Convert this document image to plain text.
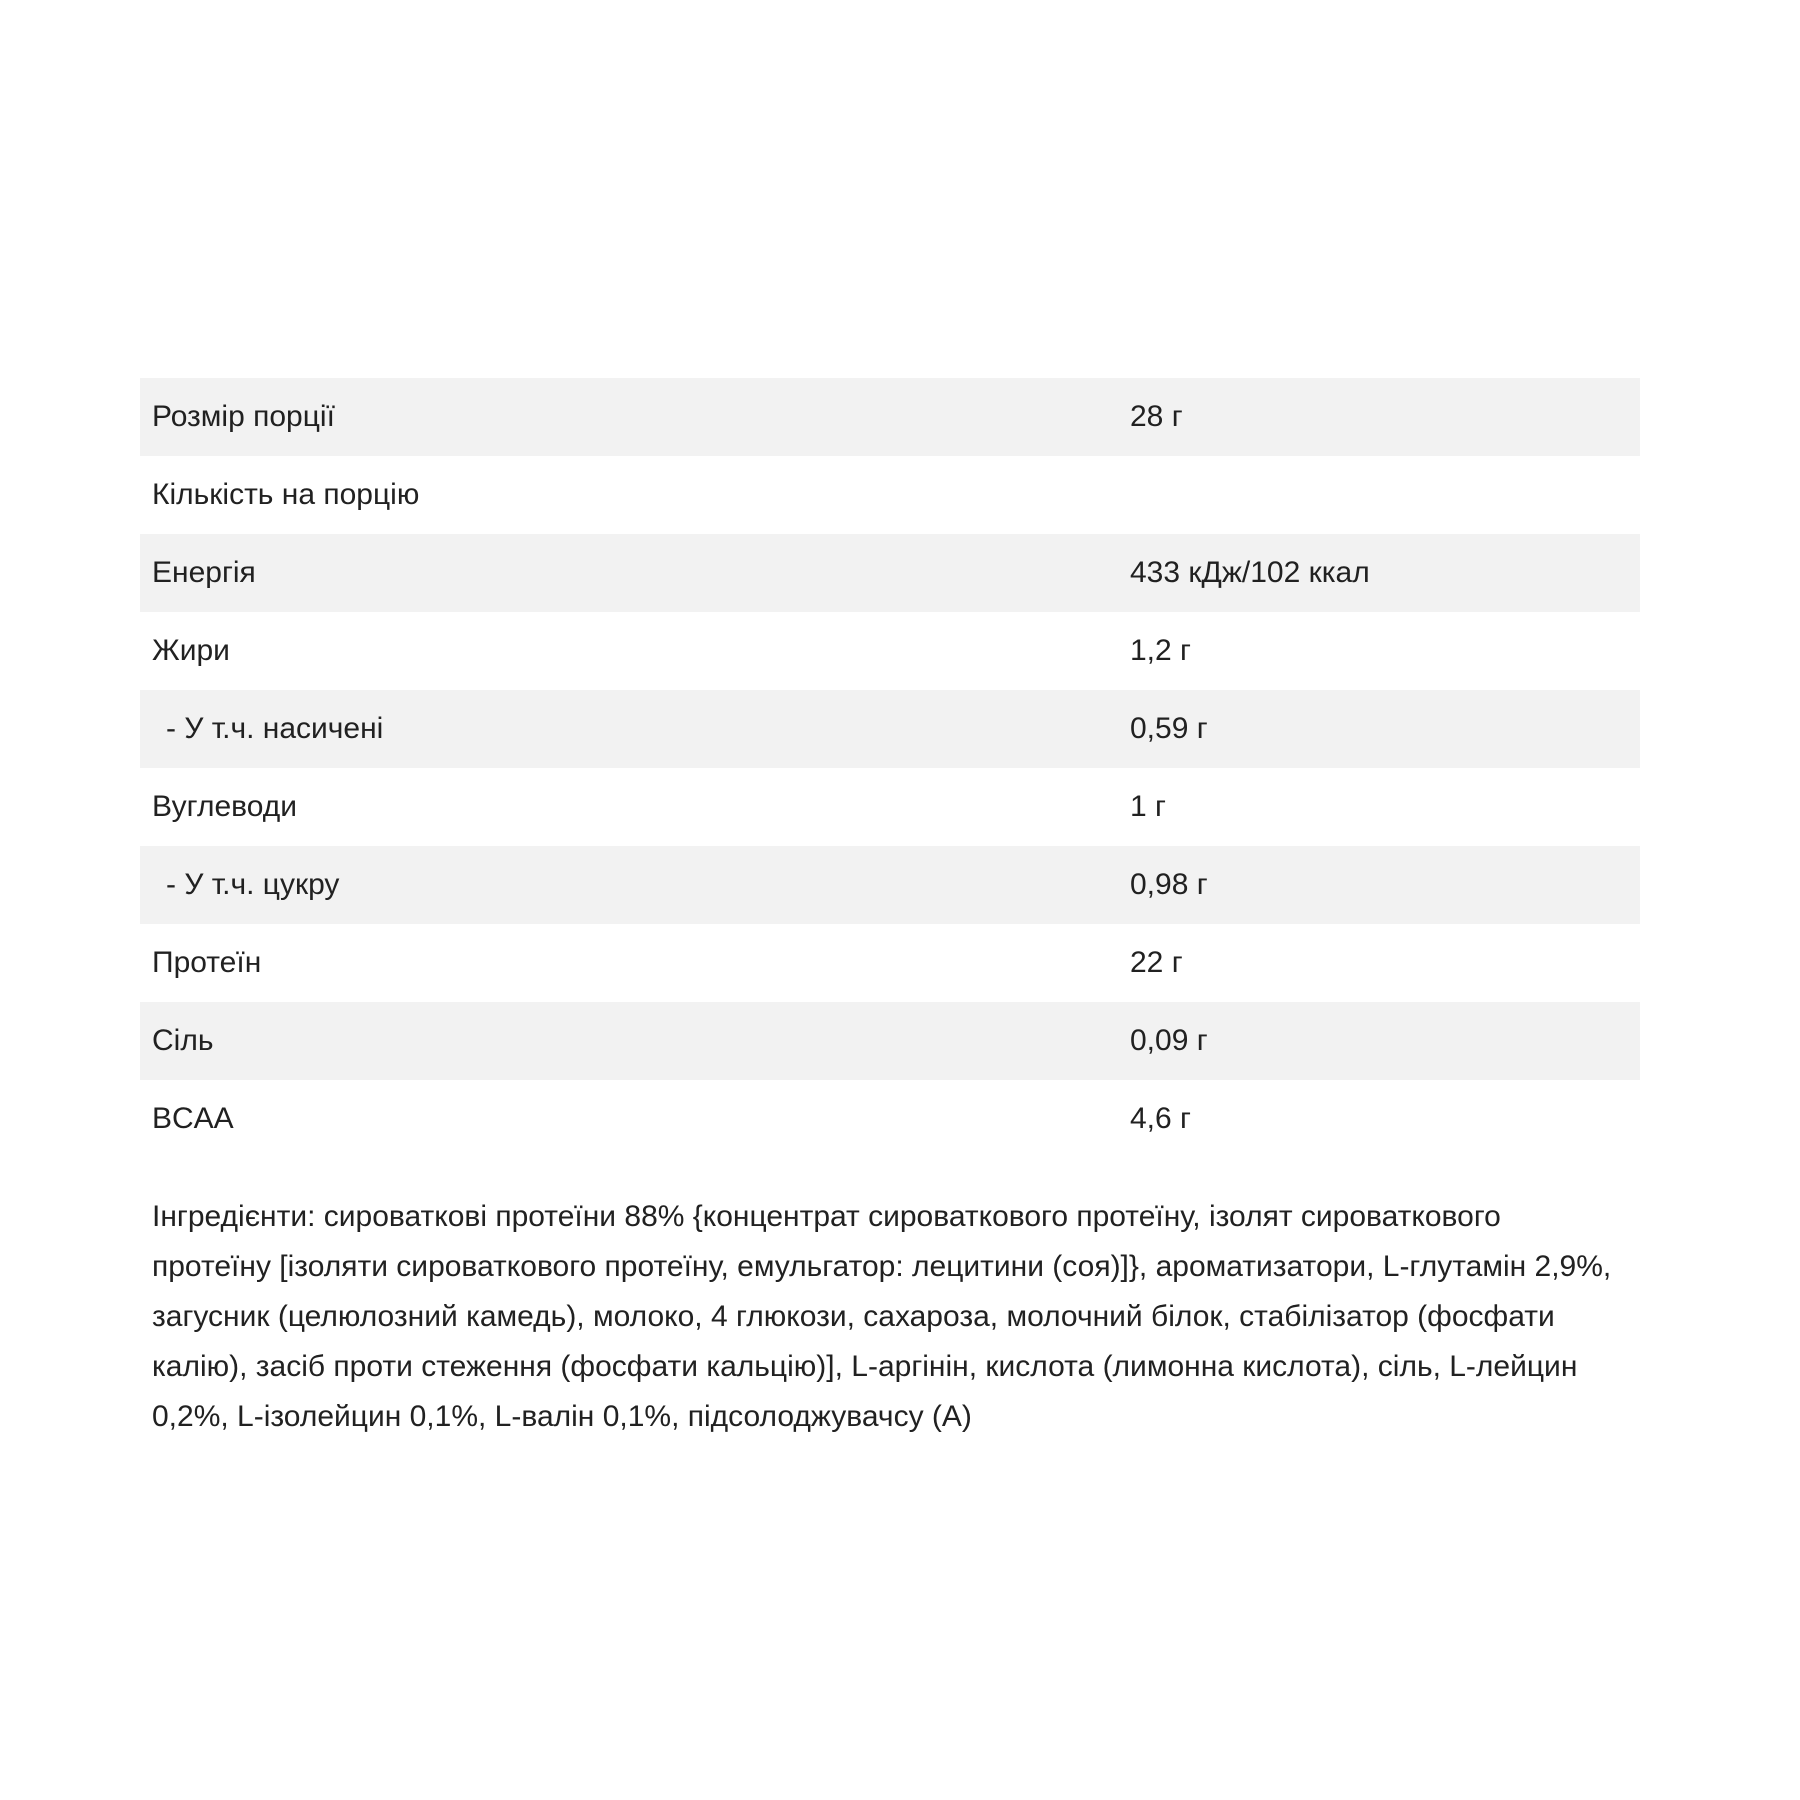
Розмір порції	28 г
Кількість на порцію
Енергія	433 кДж/102 ккал
Жири	1,2 г
- У т.ч. насичені	0,59 г
Вуглеводи	1 г
- У т.ч. цукру	0,98 г
Протеїн	22 г
Сіль	0,09 г
BCAA	4,6 г

Інгредієнти: сироваткові протеїни 88% {концентрат сироваткового протеїну, ізолят сироваткового протеїну [ізоляти сироваткового протеїну, емульгатор: лецитини (соя)]}, ароматизатори, L-глутамін 2,9%, загусник (целюлозний камедь), молоко, 4 глюкози, сахароза, молочний білок, стабілізатор (фосфати калію), засіб проти стеження (фосфати кальцію)], L-аргінін, кислота (лимонна кислота), сіль, L-лейцин 0,2%, L-ізолейцин 0,1%, L-валін 0,1%, підсолоджувачсу (А)
